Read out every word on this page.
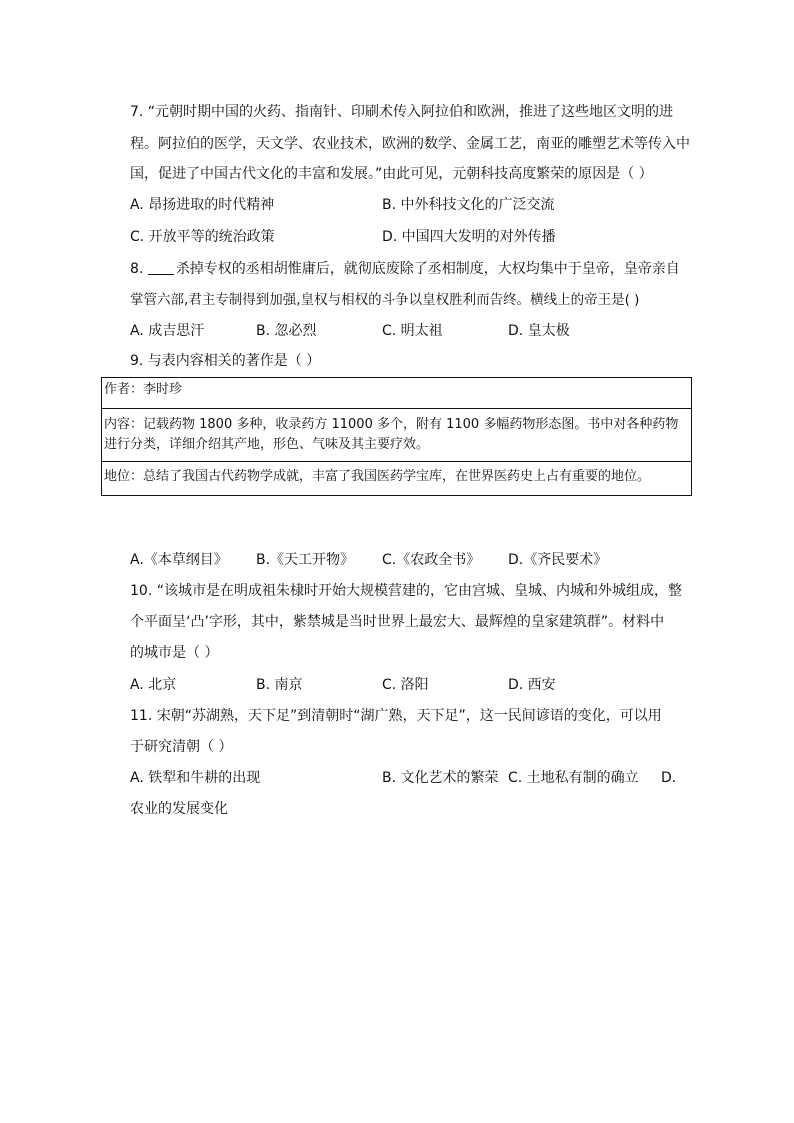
7. “元朝时期中国的火药、指南针、印刷术传入阿拉伯和欧洲，推进了这些地区文明的进
程。阿拉伯的医学，天文学、农业技术，欧洲的数学、金属工艺，南亚的雕塑艺术等传入中
国，促进了中国古代文化的丰富和发展。”由此可见，元朝科技高度繁荣的原因是（ ）
A. 昂扬进取的时代精神	B. 中外科技文化的广泛交流
C. 开放平等的统治政策	D. 中国四大发明的对外传播
8. 杀掉专权的丞相胡惟庸后，就彻底废除了丞相制度，大权均集中于皇帝，皇帝亲自
掌管六部,君主专制得到加强,皇权与相权的斗争以皇权胜利而告终。横线上的帝王是( )
A. 成吉思汗	B. 忽必烈	C. 明太祖	D. 皇太极
9. 与表内容相关的著作是（ ）
作者：李时珍
内容：记载药物 1800 多种，收录药方 11000 多个，附有 1100 多幅药物形态图。书中对各种药物进行分类，详细介绍其产地，形色、气味及其主要疗效。
地位：总结了我国古代药物学成就，丰富了我国医药学宝库，在世界医药史上占有重要的地位。
A.《本草纲目》 B.《天工开物》 C.《农政全书》 D.《齐民要术》
10. “该城市是在明成祖朱棣时开始大规模营建的，它由宫城、皇城、内城和外城组成，整
个平面呈‘凸’字形，其中，紫禁城是当时世界上最宏大、最辉煌的皇家建筑群”。材料中
的城市是（ ）
A. 北京	B. 南京	C. 洛阳	D. 西安
11. 宋朝“苏湖熟，天下足”到清朝时“湖广熟，天下足”，这一民间谚语的变化，可以用
于研究清朝（ ）
A. 铁犁和牛耕的出现	B. 文化艺术的繁荣 C. 土地私有制的确立 D.
农业的发展变化
